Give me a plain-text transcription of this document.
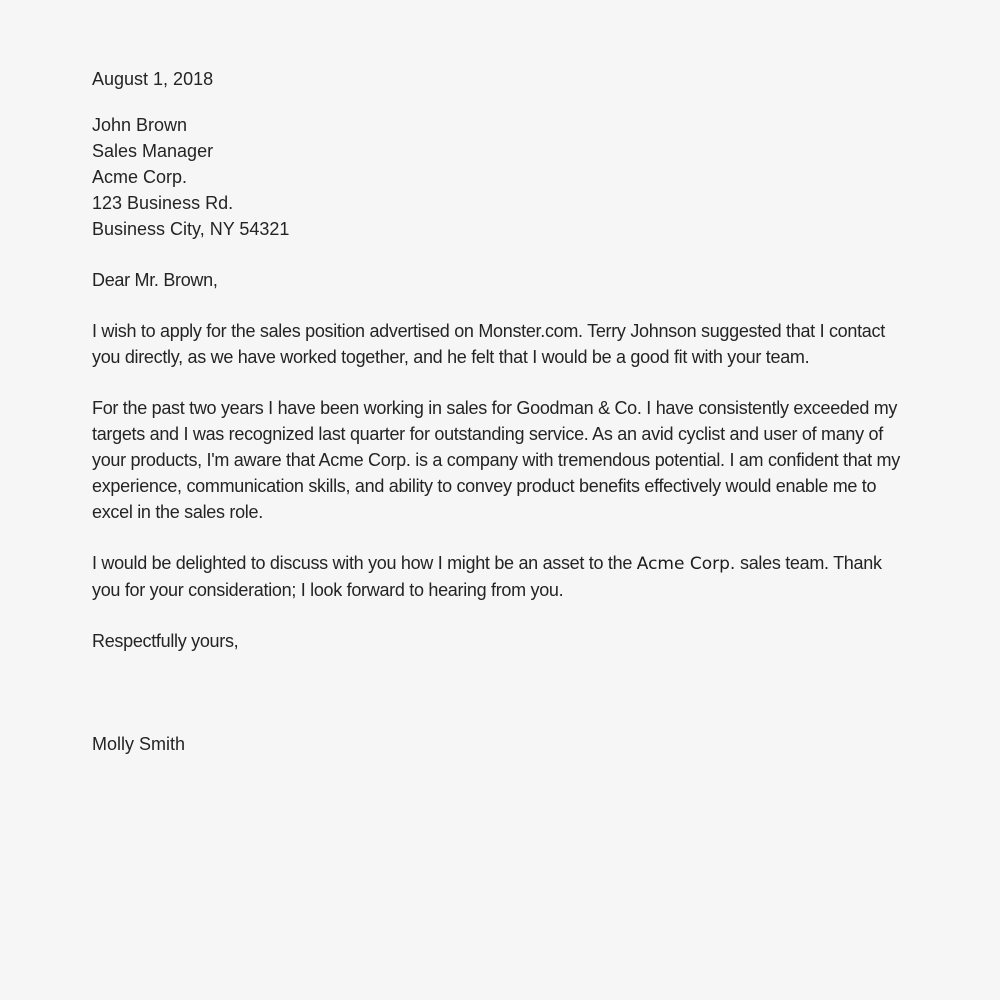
August 1, 2018

John Brown
Sales Manager
Acme Corp.
123 Business Rd.
Business City, NY 54321

Dear Mr. Brown,

I wish to apply for the sales position advertised on Monster.com. Terry Johnson suggested that I contact you directly, as we have worked together, and he felt that I would be a good fit with your team.

For the past two years I have been working in sales for Goodman & Co. I have consistently exceeded my targets and I was recognized last quarter for outstanding service. As an avid cyclist and user of many of your products, I'm aware that Acme Corp. is a company with tremendous potential. I am confident that my experience, communication skills, and ability to convey product benefits effectively would enable me to excel in the sales role.

I would be delighted to discuss with you how I might be an asset to the Acme Corp. sales team. Thank you for your consideration; I look forward to hearing from you.

Respectfully yours,

Molly Smith
